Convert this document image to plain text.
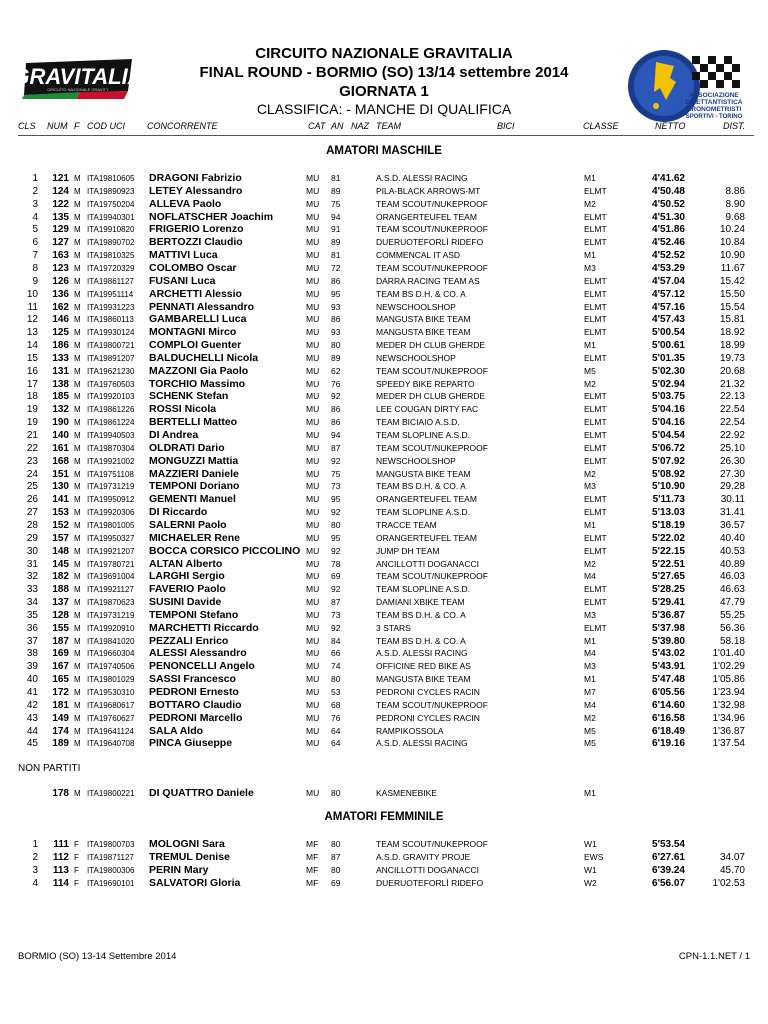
RAVITALIA
CIRCUITO NAZIONALE GRAVITY
CIRCUITO NAZIONALE GRAVITALIA
FINAL ROUND - BORMIO (SO) 13/14 settembre 2014
GIORNATA 1
CLASSIFICA: - MANCHE DI QUALIFICA
ASSOCIAZIONE
DILETTANTISTICA
CRONOMETRISTI
SPORTIVI - TORINO
CLS NUM F COD UCI CONCORRENTE	CAT AN NAZ TEAM	BICI	CLASSE	NETTO	DIST.
AMATORI MASCHILE
1	121 M ITA19810605 DRAGONI Fabrizio	MU 81	A.S.D. ALESSI RACING	M1	4'41.62
2	124 M ITA19890923 LETEY Alessandro	MU 89	PILA-BLACK ARROWS-MT	ELMT	4'50.48	8.86
3	122 M ITA19750204 ALLEVA Paolo	MU 75	TEAM SCOUT/NUKEPROOF	M2	4'50.52	8.90
4	135 M ITA19940301 NOFLATSCHER Joachim	MU 94	ORANGERTEUFEL TEAM	ELMT	4'51.30	9.68
5	129 M ITA19910820 FRIGERIO Lorenzo	MU 91	TEAM SCOUT/NUKEPROOF	ELMT	4'51.86	10.24
6	127 M ITA19890702 BERTOZZI Claudio	MU 89	DUERUOTEFORLÌ RIDEFO	ELMT	4'52.46	10.84
7	163 M ITA19810325 MATTIVI Luca	MU 81	COMMENCAL IT ASD	M1	4'52.52	10.90
8	123 M ITA19720329 COLOMBO Oscar	MU 72	TEAM SCOUT/NUKEPROOF	M3	4'53.29	11.67
9	126 M ITA19861127 FUSANI Luca	MU 86	DARRA RACING TEAM AS	ELMT	4'57.04	15.42
10	136 M ITA19951114 ARCHETTI Alessio	MU 95	TEAM BS D.H. & CO. A	ELMT	4'57.12	15.50
11	162 M ITA19931223 PENNATI Alessandro	MU 93	NEWSCHOOLSHOP	ELMT	4'57.16	15.54
12	146 M ITA19860113 GAMBARELLI Luca	MU 86	MANGUSTA BIKE TEAM	ELMT	4'57.43	15.81
13	125 M ITA19930124 MONTAGNI Mirco	MU 93	MANGUSTA BIKE TEAM	ELMT	5'00.54	18.92
14	186 M ITA19800721 COMPLOI Guenter	MU 80	MEDER DH CLUB GHERDE	M1	5'00.61	18.99
15	133 M ITA19891207 BALDUCHELLI Nicola	MU 89	NEWSCHOOLSHOP	ELMT	5'01.35	19.73
16	131 M ITA19621230 MAZZONI Gia Paolo	MU 62	TEAM SCOUT/NUKEPROOF	M5	5'02.30	20.68
17	138 M ITA19760503 TORCHIO Massimo	MU 76	SPEEDY BIKE REPARTO	M2	5'02.94	21.32
18	185 M ITA19920103 SCHENK Stefan	MU 92	MEDER DH CLUB GHERDE	ELMT	5'03.75	22.13
19	132 M ITA19861226 ROSSI Nicola	MU 86	LEE COUGAN DIRTY FAC	ELMT	5'04.16	22.54
19	190 M ITA19861224 BERTELLI Matteo	MU 86	TEAM BICIAIO A.S.D.	ELMT	5'04.16	22.54
21	140 M ITA19940503 DI Andrea	MU 94	TEAM SLOPLINE A.S.D.	ELMT	5'04.54	22.92
22	161 M ITA19870304 OLDRATI Dario	MU 87	TEAM SCOUT/NUKEPROOF	ELMT	5'06.72	25.10
23	168 M ITA19921002 MONGUZZI Mattia	MU 92	NEWSCHOOLSHOP	ELMT	5'07.92	26.30
24	151 M ITA19751108 MAZZIERI Daniele	MU 75	MANGUSTA BIKE TEAM	M2	5'08.92	27.30
25	130 M ITA19731219 TEMPONI Doriano	MU 73	TEAM BS D.H. & CO. A	M3	5'10.90	29.28
26	141 M ITA19950912 GEMENTI Manuel	MU 95	ORANGERTEUFEL TEAM	ELMT	5'11.73	30.11
27	153 M ITA19920306 DI Riccardo	MU 92	TEAM SLOPLINE A.S.D.	ELMT	5'13.03	31.41
28	152 M ITA19801005 SALERNI Paolo	MU 80	TRACCE TEAM	M1	5'18.19	36.57
29	157 M ITA19950327 MICHAELER Rene	MU 95	ORANGERTEUFEL TEAM	ELMT	5'22.02	40.40
30	148 M ITA19921207 BOCCA CORSICO PICCOLINO MU 92	JUMP DH TEAM	ELMT	5'22.15	40.53
31	145 M ITA19780721 ALTAN Alberto	MU 78	ANCILLOTTI DOGANACCI	M2	5'22.51	40.89
32	182 M ITA19691004 LARGHI Sergio	MU 69	TEAM SCOUT/NUKEPROOF	M4	5'27.65	46.03
33	188 M ITA19921127 FAVERIO Paolo	MU 92	TEAM SLOPLINE A.S.D.	ELMT	5'28.25	46.63
34	137 M ITA19870623 SUSINI Davide	MU 87	DAMIANI XBIKE TEAM	ELMT	5'29.41	47.79
35	128 M ITA19731219 TEMPONI Stefano	MU 73	TEAM BS D.H. & CO. A	M3	5'36.87	55.25
36	155 M ITA19920910 MARCHETTI Riccardo	MU 92	3 STARS	ELMT	5'37.98	56.36
37	187 M ITA19841020 PEZZALI Enrico	MU 84	TEAM BS D.H. & CO. A	M1	5'39.80	58.18
38	169 M ITA19660304 ALESSI Alessandro	MU 66	A.S.D. ALESSI RACING	M4	5'43.02	1'01.40
39	167 M ITA19740506 PENONCELLI Angelo	MU 74	OFFICINE RED BIKE AS	M3	5'43.91	1'02.29
40	165 M ITA19801029 SASSI Francesco	MU 80	MANGUSTA BIKE TEAM	M1	5'47.48	1'05.86
41	172 M ITA19530310 PEDRONI Ernesto	MU 53	PEDRONI CYCLES RACIN	M7	6'05.56	1'23.94
42	181 M ITA19680617 BOTTARO Claudio	MU 68	TEAM SCOUT/NUKEPROOF	M4	6'14.60	1'32.98
43	149 M ITA19760627 PEDRONI Marcello	MU 76	PEDRONI CYCLES RACIN	M2	6'16.58	1'34.96
44	174 M ITA19641124 SALA Aldo	MU 64	RAMPIKOSSOLA	M5	6'18.49	1'36.87
45	189 M ITA19640708 PINCA Giuseppe	MU 64	A.S.D. ALESSI RACING	M5	6'19.16	1'37.54
NON PARTITI
178 M ITA19800221 DI QUATTRO Daniele	MU 80	KASMENEBIKE	M1
AMATORI FEMMINILE
1	111 F ITA19800703 MOLOGNI Sara	MF 80	TEAM SCOUT/NUKEPROOF	W1	5'53.54
2	112 F ITA19871127 TREMUL Denise	MF 87	A.S.D. GRAVITY PROJE	EWS	6'27.61	34.07
3	113 F ITA19800306 PERIN Mary	MF 80	ANCILLOTTI DOGANACCI	W1	6'39.24	45.70
4	114 F ITA19690101 SALVATORI Gloria	MF 69	DUERUOTEFORLÌ RIDEFO	W2	6'56.07	1'02.53
BORMIO (SO) 13-14 Settembre 2014	CPN-1.1.NET / 1
